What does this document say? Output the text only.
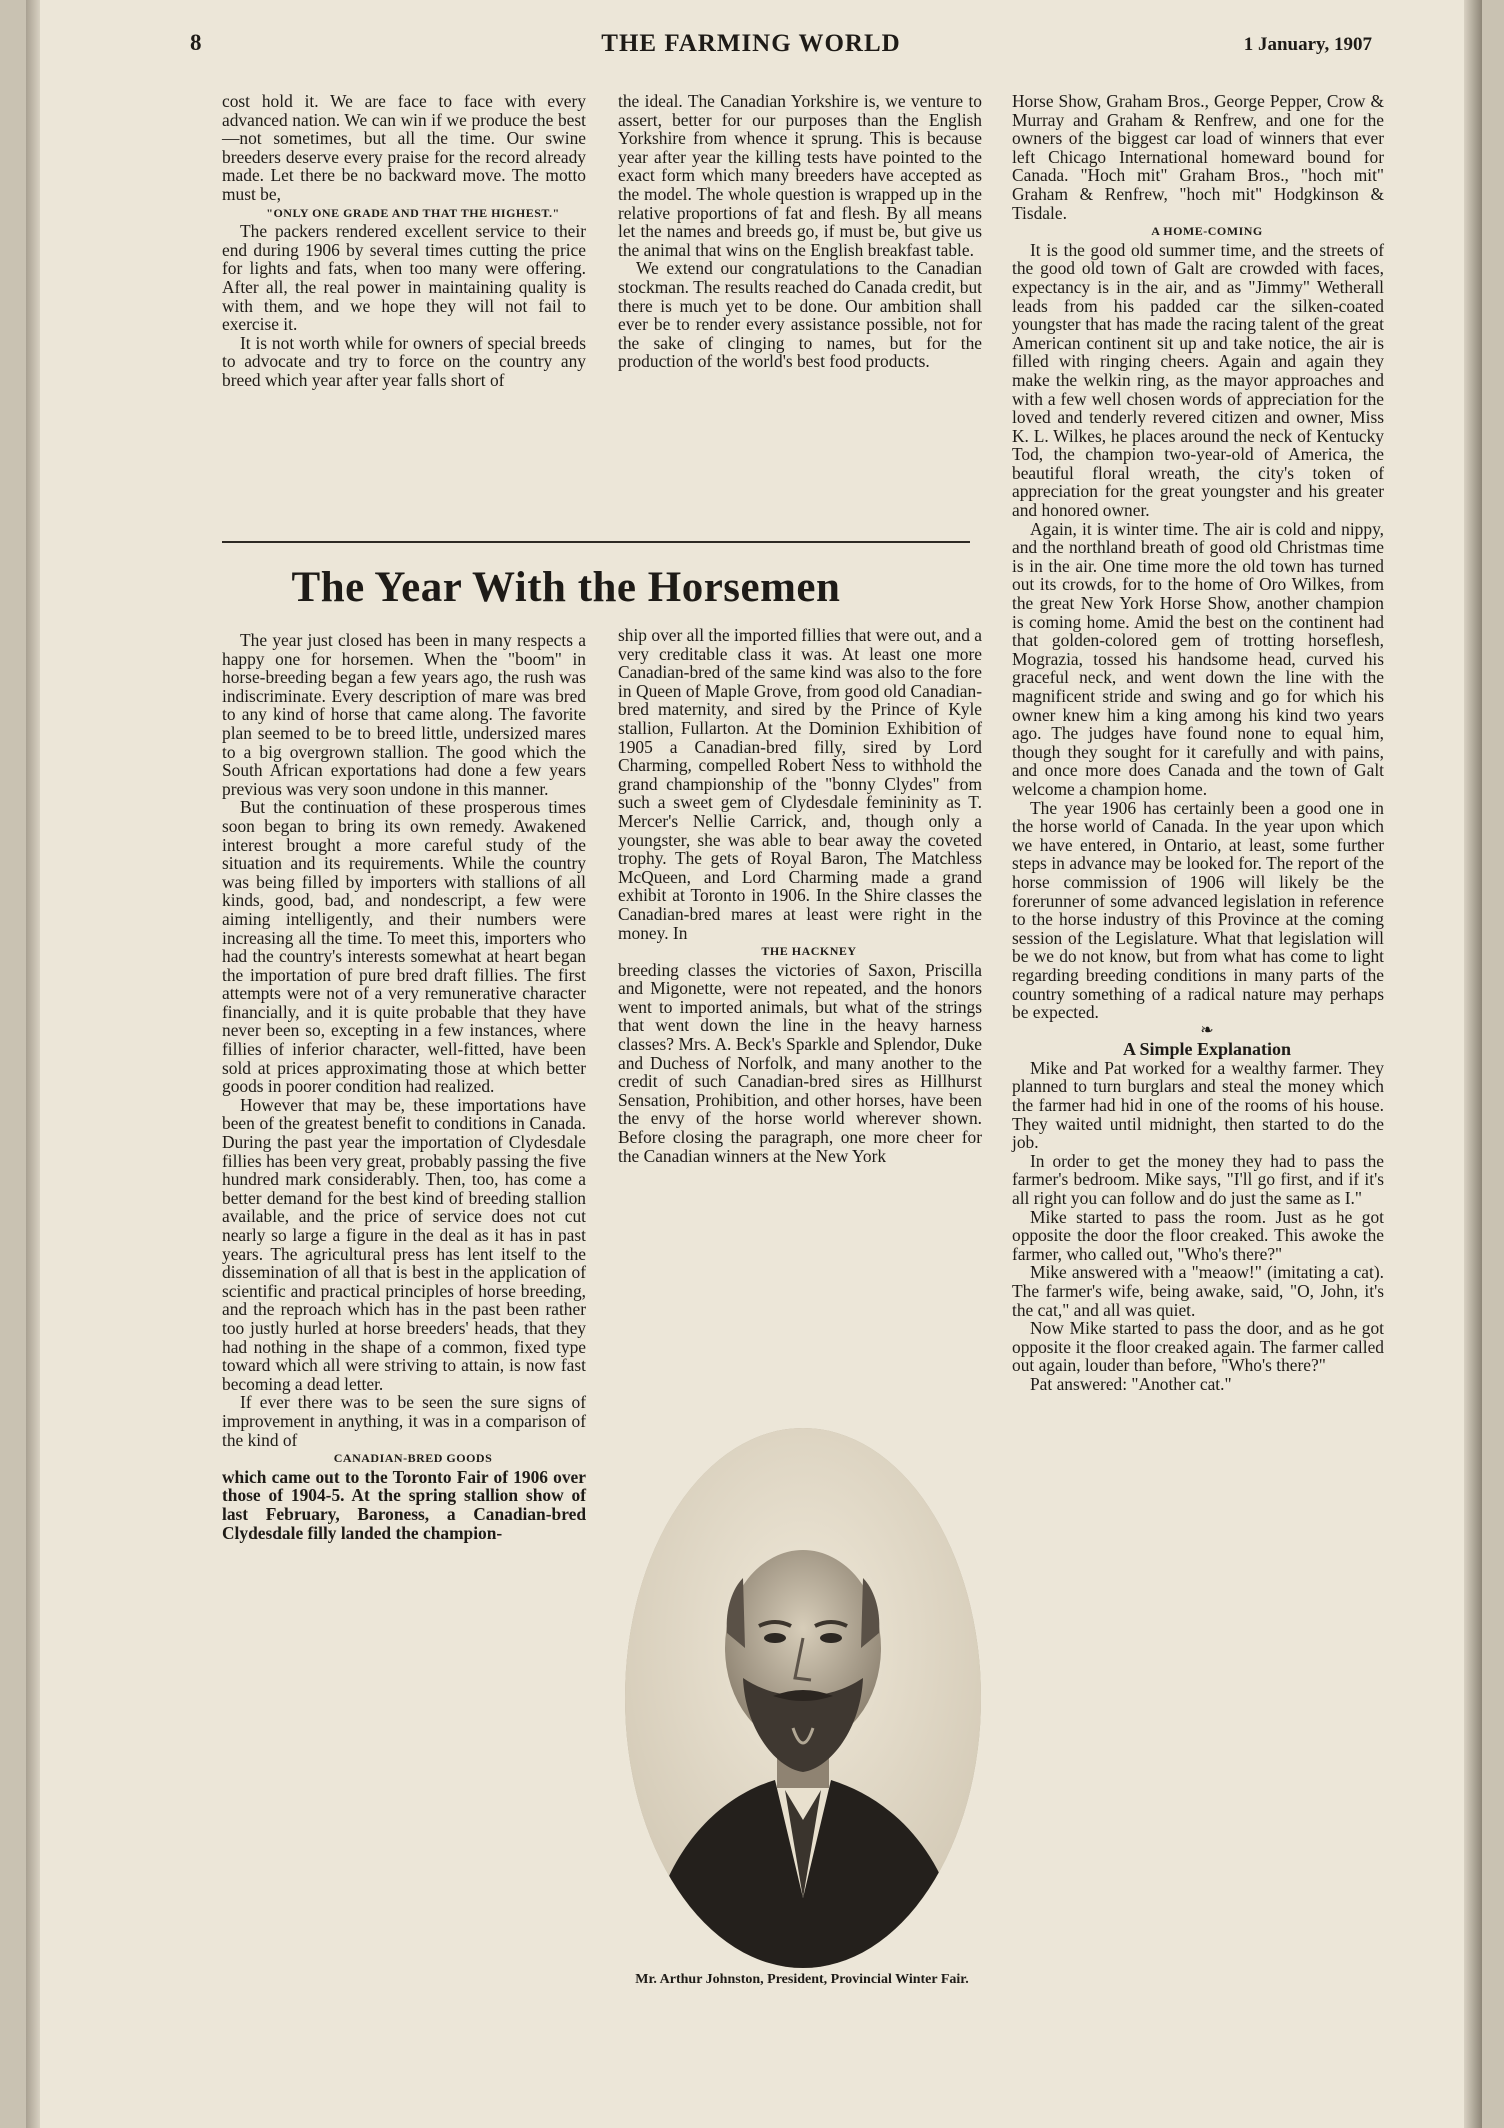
8	THE FARMING WORLD	1 January, 1907

cost hold it. We are face to face with every advanced nation. We can win if we produce the best—not sometimes, but all the time. Our swine breeders deserve every praise for the record already made. Let there be no backward move. The motto must be,

"ONLY ONE GRADE AND THAT THE HIGHEST."

The packers rendered excellent service to their end during 1906 by several times cutting the price for lights and fats, when too many were offering. After all, the real power in maintaining quality is with them, and we hope they will not fail to exercise it.

It is not worth while for owners of special breeds to advocate and try to force on the country any breed which year after year falls short of

the ideal. The Canadian Yorkshire is, we venture to assert, better for our purposes than the English Yorkshire from whence it sprung. This is because year after year the killing tests have pointed to the exact form which many breeders have accepted as the model. The whole question is wrapped up in the relative proportions of fat and flesh. By all means let the names and breeds go, if must be, but give us the animal that wins on the English breakfast table.

We extend our congratulations to the Canadian stockman. The results reached do Canada credit, but there is much yet to be done. Our ambition shall ever be to render every assistance possible, not for the sake of clinging to names, but for the production of the world's best food products.

The Year With the Horsemen

The year just closed has been in many respects a happy one for horsemen. When the "boom" in horse-breeding began a few years ago, the rush was indiscriminate. Every description of mare was bred to any kind of horse that came along. The favorite plan seemed to be to breed little, undersized mares to a big overgrown stallion. The good which the South African exportations had done a few years previous was very soon undone in this manner.

But the continuation of these prosperous times soon began to bring its own remedy. Awakened interest brought a more careful study of the situation and its requirements. While the country was being filled by importers with stallions of all kinds, good, bad, and nondescript, a few were aiming intelligently, and their numbers were increasing all the time. To meet this, importers who had the country's interests somewhat at heart began the importation of pure bred draft fillies. The first attempts were not of a very remunerative character financially, and it is quite probable that they have never been so, excepting in a few instances, where fillies of inferior character, well-fitted, have been sold at prices approximating those at which better goods in poorer condition had realized.

However that may be, these importations have been of the greatest benefit to conditions in Canada. During the past year the importation of Clydesdale fillies has been very great, probably passing the five hundred mark considerably. Then, too, has come a better demand for the best kind of breeding stallion available, and the price of service does not cut nearly so large a figure in the deal as it has in past years. The agricultural press has lent itself to the dissemination of all that is best in the application of scientific and practical principles of horse breeding, and the reproach which has in the past been rather too justly hurled at horse breeders' heads, that they had nothing in the shape of a common, fixed type toward which all were striving to attain, is now fast becoming a dead letter.

If ever there was to be seen the sure signs of improvement in anything, it was in a comparison of the kind of

CANADIAN-BRED GOODS

which came out to the Toronto Fair of 1906 over those of 1904-5. At the spring stallion show of last February, Baroness, a Canadian-bred Clydesdale filly landed the champion-

ship over all the imported fillies that were out, and a very creditable class it was. At least one more Canadian-bred of the same kind was also to the fore in Queen of Maple Grove, from good old Canadian-bred maternity, and sired by the Prince of Kyle stallion, Fullarton. At the Dominion Exhibition of 1905 a Canadian-bred filly, sired by Lord Charming, compelled Robert Ness to withhold the grand championship of the "bonny Clydes" from such a sweet gem of Clydesdale femininity as T. Mercer's Nellie Carrick, and, though only a youngster, she was able to bear away the coveted trophy. The gets of Royal Baron, The Matchless McQueen, and Lord Charming made a grand exhibit at Toronto in 1906. In the Shire classes the Canadian-bred mares at least were right in the money. In

THE HACKNEY

breeding classes the victories of Saxon, Priscilla and Migonette, were not repeated, and the honors went to imported animals, but what of the strings that went down the line in the heavy harness classes? Mrs. A. Beck's Sparkle and Splendor, Duke and Duchess of Norfolk, and many another to the credit of such Canadian-bred sires as Hillhurst Sensation, Prohibition, and other horses, have been the envy of the horse world wherever shown. Before closing the paragraph, one more cheer for the Canadian winners at the New York

Horse Show, Graham Bros., George Pepper, Crow & Murray and Graham & Renfrew, and one for the owners of the biggest car load of winners that ever left Chicago International homeward bound for Canada. "Hoch mit" Graham Bros., "hoch mit" Graham & Renfrew, "hoch mit" Hodgkinson & Tisdale.

A HOME-COMING

It is the good old summer time, and the streets of the good old town of Galt are crowded with faces, expectancy is in the air, and as "Jimmy" Wetherall leads from his padded car the silken-coated youngster that has made the racing talent of the great American continent sit up and take notice, the air is filled with ringing cheers. Again and again they make the welkin ring, as the mayor approaches and with a few well chosen words of appreciation for the loved and tenderly revered citizen and owner, Miss K. L. Wilkes, he places around the neck of Kentucky Tod, the champion two-year-old of America, the beautiful floral wreath, the city's token of appreciation for the great youngster and his greater and honored owner.

Again, it is winter time. The air is cold and nippy, and the northland breath of good old Christmas time is in the air. One time more the old town has turned out its crowds, for to the home of Oro Wilkes, from the great New York Horse Show, another champion is coming home. Amid the best on the continent had that golden-colored gem of trotting horseflesh, Mograzia, tossed his handsome head, curved his graceful neck, and went down the line with the magnificent stride and swing and go for which his owner knew him a king among his kind two years ago. The judges have found none to equal him, though they sought for it carefully and with pains, and once more does Canada and the town of Galt welcome a champion home.

The year 1906 has certainly been a good one in the horse world of Canada. In the year upon which we have entered, in Ontario, at least, some further steps in advance may be looked for. The report of the horse commission of 1906 will likely be the forerunner of some advanced legislation in reference to the horse industry of this Province at the coming session of the Legislature. What that legislation will be we do not know, but from what has come to light regarding breeding conditions in many parts of the country something of a radical nature may perhaps be expected.

❧

A Simple Explanation

Mike and Pat worked for a wealthy farmer. They planned to turn burglars and steal the money which the farmer had hid in one of the rooms of his house. They waited until midnight, then started to do the job.

In order to get the money they had to pass the farmer's bedroom. Mike says, "I'll go first, and if it's all right you can follow and do just the same as I."

Mike started to pass the room. Just as he got opposite the door the floor creaked. This awoke the farmer, who called out, "Who's there?"

Mike answered with a "meaow!" (imitating a cat). The farmer's wife, being awake, said, "O, John, it's the cat," and all was quiet.

Now Mike started to pass the door, and as he got opposite it the floor creaked again. The farmer called out again, louder than before, "Who's there?"

Pat answered: "Another cat."

Mr. Arthur Johnston, President, Provincial Winter Fair.
